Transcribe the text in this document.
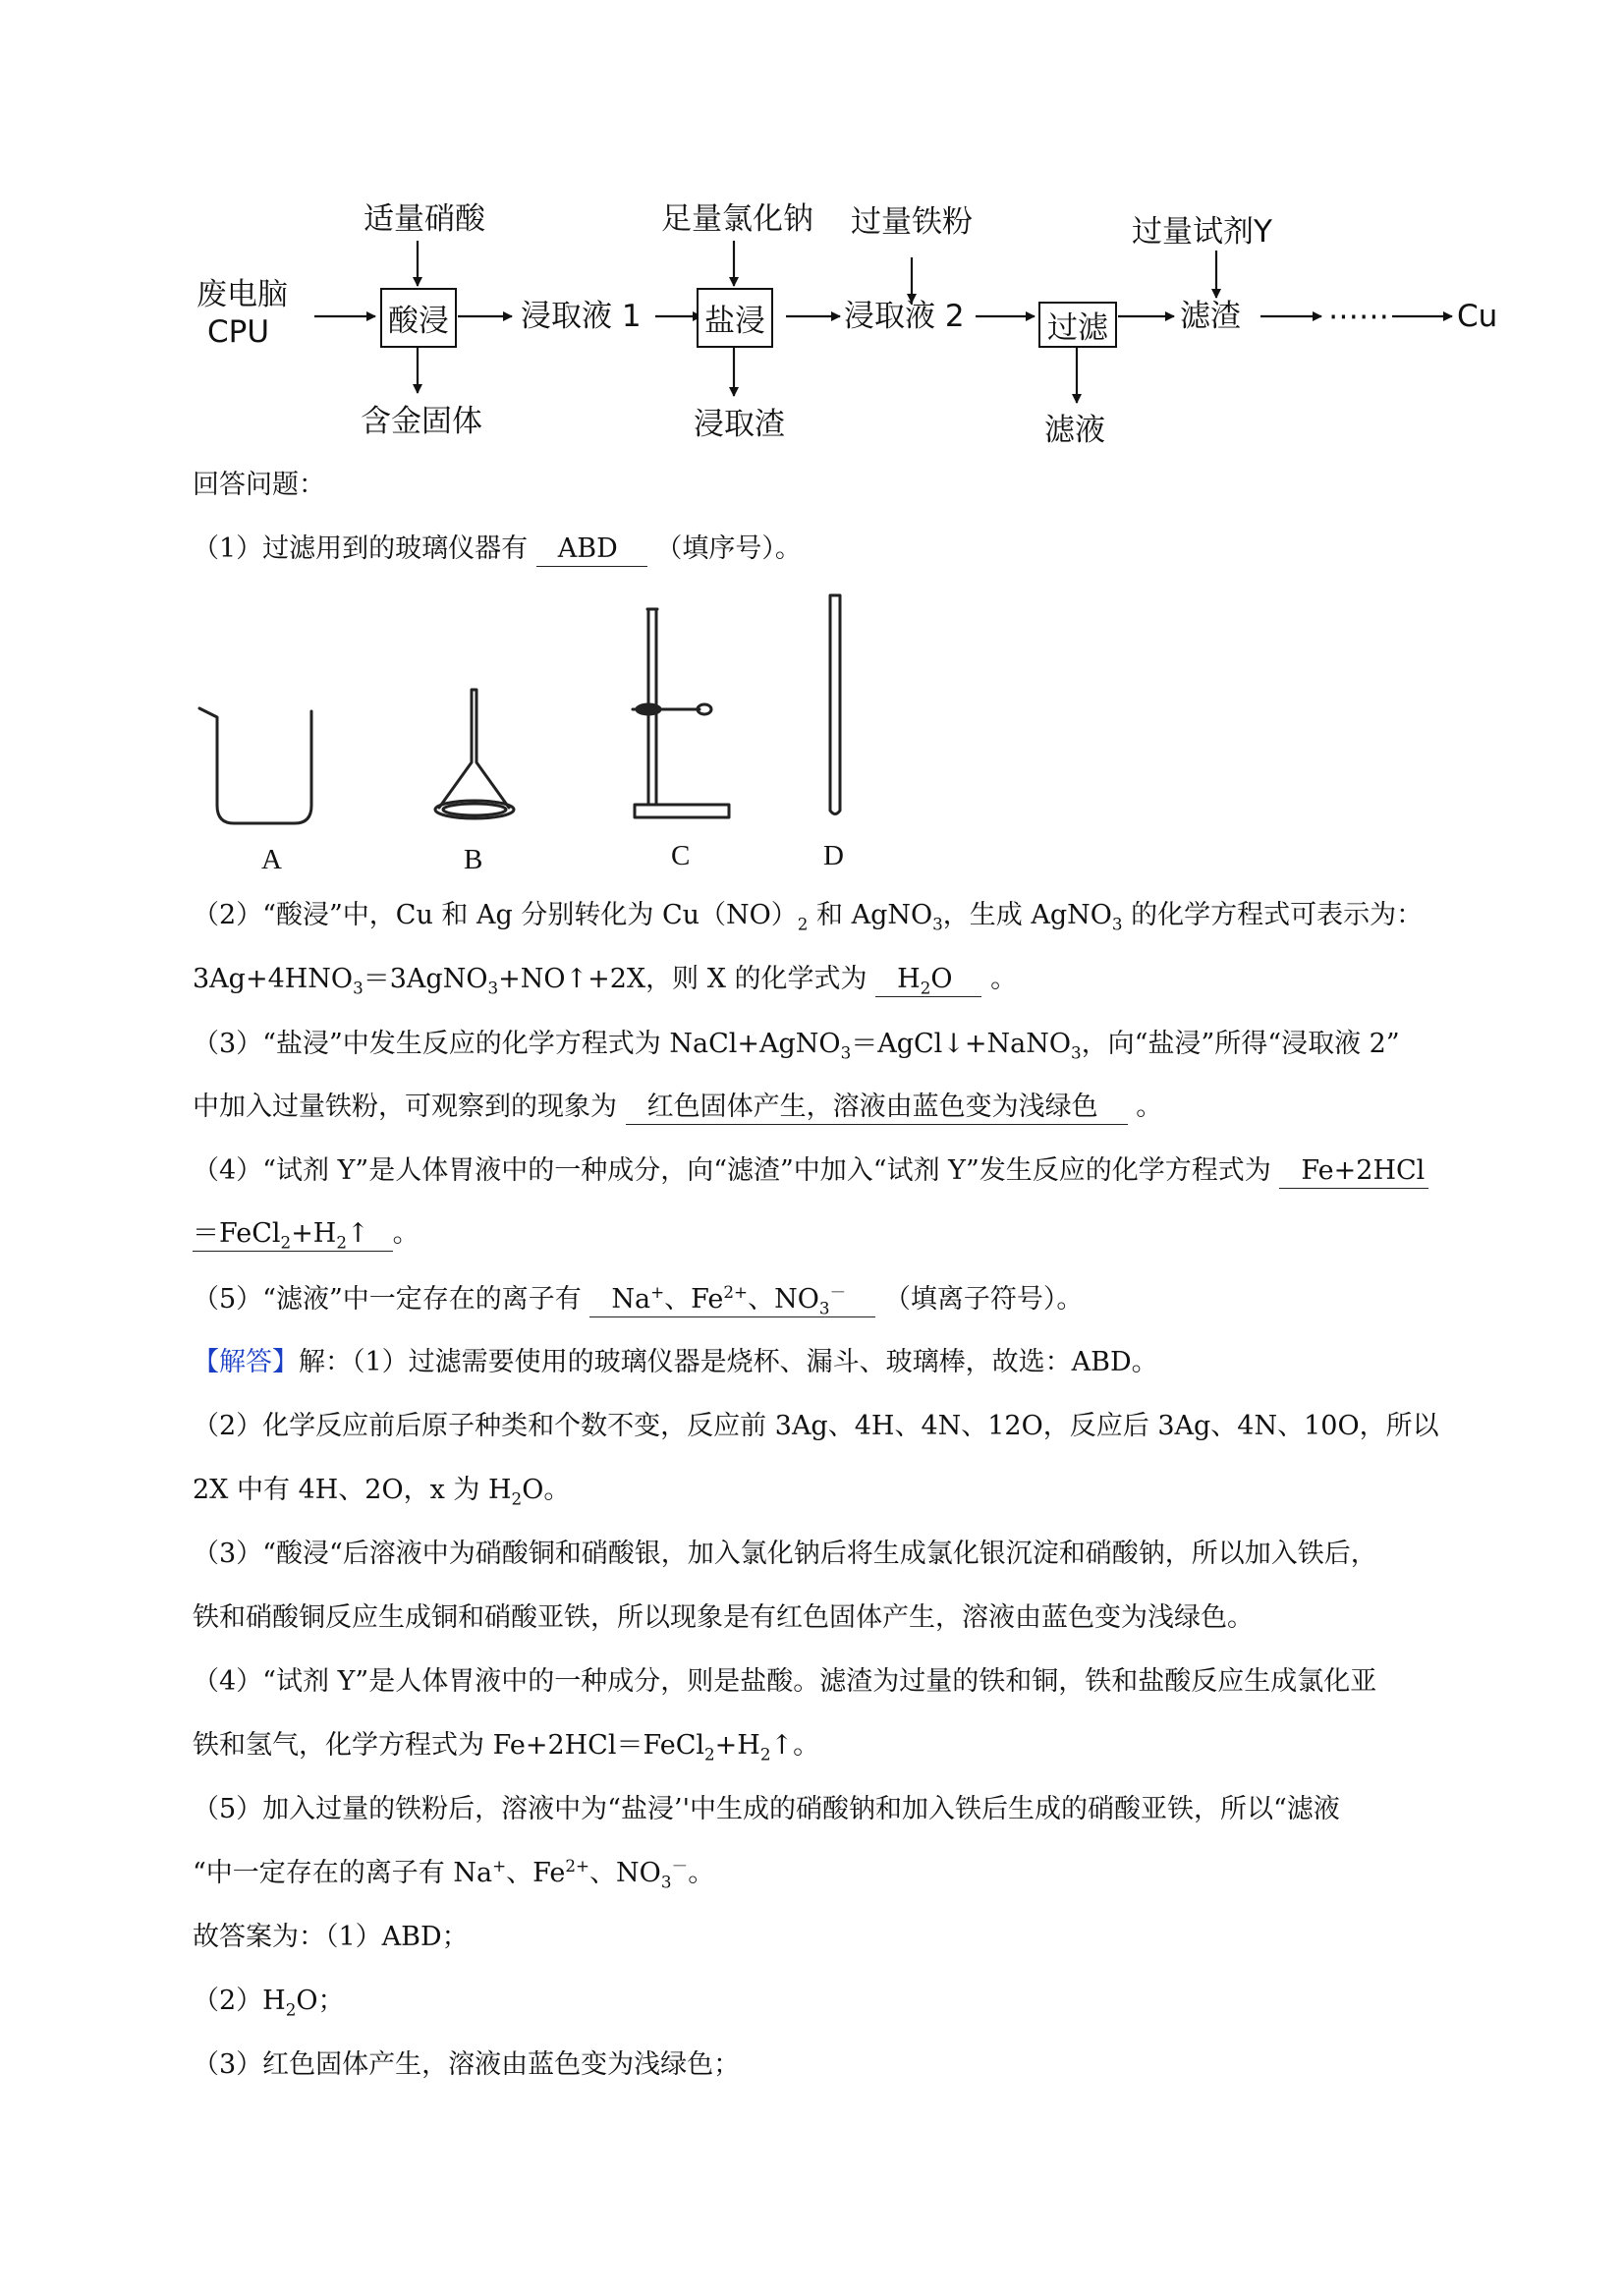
废电脑
CPU
适量硝酸
酸浸
含金固体
浸取液 1
足量氯化钠
盐浸
浸取渣
浸取液 2
过量铁粉
过滤
滤液
过量试剂Y
滤渣	⋯⋯ Cu
回答问题：
（1）过滤用到的玻璃仪器有 ABD （填序号）。
A	B	C	D
（2）“酸浸”中，Cu 和 Ag 分别转化为 $Cu(NO)_2$ 和 AgNO$_3$，生成 AgNO$_3$ 的化学方程式可表示为：
$3Ag+4HNO_3=3AgNO_3+NO↑+2X$，则 X 的化学式为 $H_2O$ 。
（3）“盐浸”中发生反应的化学方程式为 NaCl+AgNO$_3$＝AgCl↓+NaNO$_3$，向“盐浸”所得“浸取液 2”
中加入过量铁粉，可观察到的现象为 红色固体产生，溶液由蓝色变为浅绿色 。
（4）“试剂 Y”是人体胃液中的一种成分，向“滤渣”中加入“试剂 Y”发生反应的化学方程式为 Fe+2HCl
$=FeCl_2+H_2↑$ 。
（5）“滤液”中一定存在的离子有 Na+、$Fe^{2+}$、$NO_3^-$ （填离子符号）。
【解答】解：（1）过滤需要使用的玻璃仪器是烧杯、漏斗、玻璃棒，故选：ABD。
（2）化学反应前后原子种类和个数不变，反应前 3Ag、4H、4N、12O，反应后 3Ag、4N、10O，所以
2X 中有 4H、2O，x 为 $H_2O$。
（3）“酸浸“后溶液中为硝酸铜和硝酸银，加入氯化钠后将生成氯化银沉淀和硝酸钠，所以加入铁后，
铁和硝酸铜反应生成铜和硝酸亚铁，所以现象是有红色固体产生，溶液由蓝色变为浅绿色。
（4）“试剂 Y”是人体胃液中的一种成分，则是盐酸。滤渣为过量的铁和铜，铁和盐酸反应生成氯化亚
铁和氢气，化学方程式为 $Fe+2HCl=FeCl_2+H_2↑$。
（5）加入过量的铁粉后，溶液中为“盐浸’'中生成的硝酸钠和加入铁后生成的硝酸亚铁，所以“滤液
“中一定存在的离子有 Na+、$Fe^{2+}$、$NO_3^-$。
故答案为：（1）ABD；
$(2)H_2O$；
（3）红色固体产生，溶液由蓝色变为浅绿色；
